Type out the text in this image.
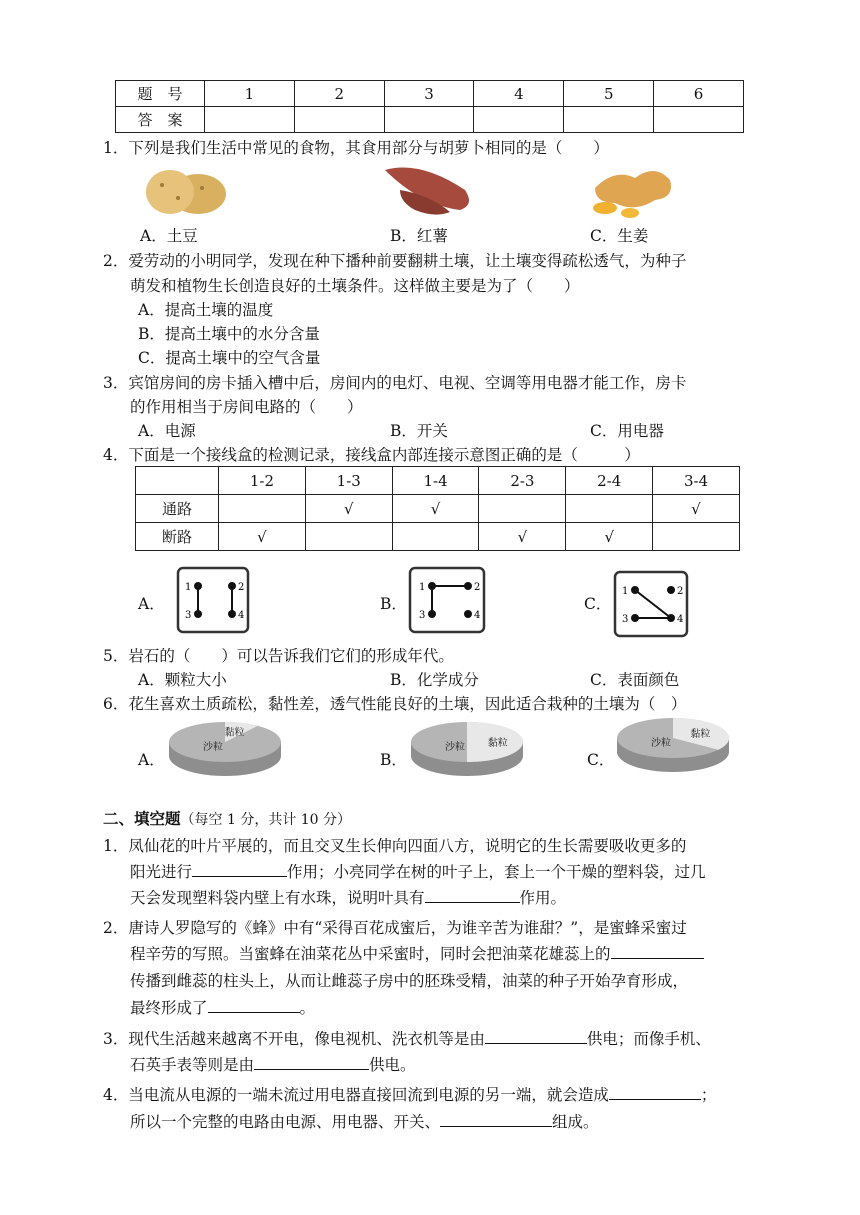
题　号	1	2	3	4	5	6
答　案						
1．下列是我们生活中常见的食物，其食用部分与胡萝卜相同的是（　　）
A．土豆	B．红薯	C．生姜
2．爱劳动的小明同学，发现在种下播种前要翻耕土壤，让土壤变得疏松透气，为种子
萌发和植物生长创造良好的土壤条件。这样做主要是为了（　　）
A．提高土壤的温度
B．提高土壤中的水分含量
C．提高土壤中的空气含量
3．宾馆房间的房卡插入槽中后，房间内的电灯、电视、空调等用电器才能工作，房卡
的作用相当于房间电路的（　　）
A．电源	B．开关	C．用电器
4．下面是一个接线盒的检测记录，接线盒内部连接示意图正确的是（　　　）
	1-2	1-3	1-4	2-3	2-4	3-4
通路		√	√			√
断路	√			√	√	
A．	B．	C．
1	2
3	4
1	2
3	4
1	2
3	4
5．岩石的（　　）可以告诉我们它们的形成年代。
A．颗粒大小	B．化学成分	C．表面颜色
6．花生喜欢土质疏松，黏性差，透气性能良好的土壤，因此适合栽种的土壤为（　）
A．	B．	C．
沙粒
黏粒
沙粒 黏粒	沙粒
黏粒
二、填空题（每空 1 分，共计 10 分）
1．凤仙花的叶片平展的，而且交叉生长伸向四面八方，说明它的生长需要吸收更多的
阳光进行	作用；小亮同学在树的叶子上，套上一个干燥的塑料袋，过几
天会发现塑料袋内壁上有水珠，说明叶具有	作用。
2．唐诗人罗隐写的《蜂》中有“采得百花成蜜后，为谁辛苦为谁甜？”，是蜜蜂采蜜过
程辛劳的写照。当蜜蜂在油菜花丛中采蜜时，同时会把油菜花雄蕊上的
传播到雌蕊的柱头上，从而让雌蕊子房中的胚珠受精，油菜的种子开始孕育形成，
最终形成了	。
3．现代生活越来越离不开电，像电视机、洗衣机等是由	供电；而像手机、
石英手表等则是由	供电。
4．当电流从电源的一端未流过用电器直接回流到电源的另一端，就会造成	；
所以一个完整的电路由电源、用电器、开关、	组成。
